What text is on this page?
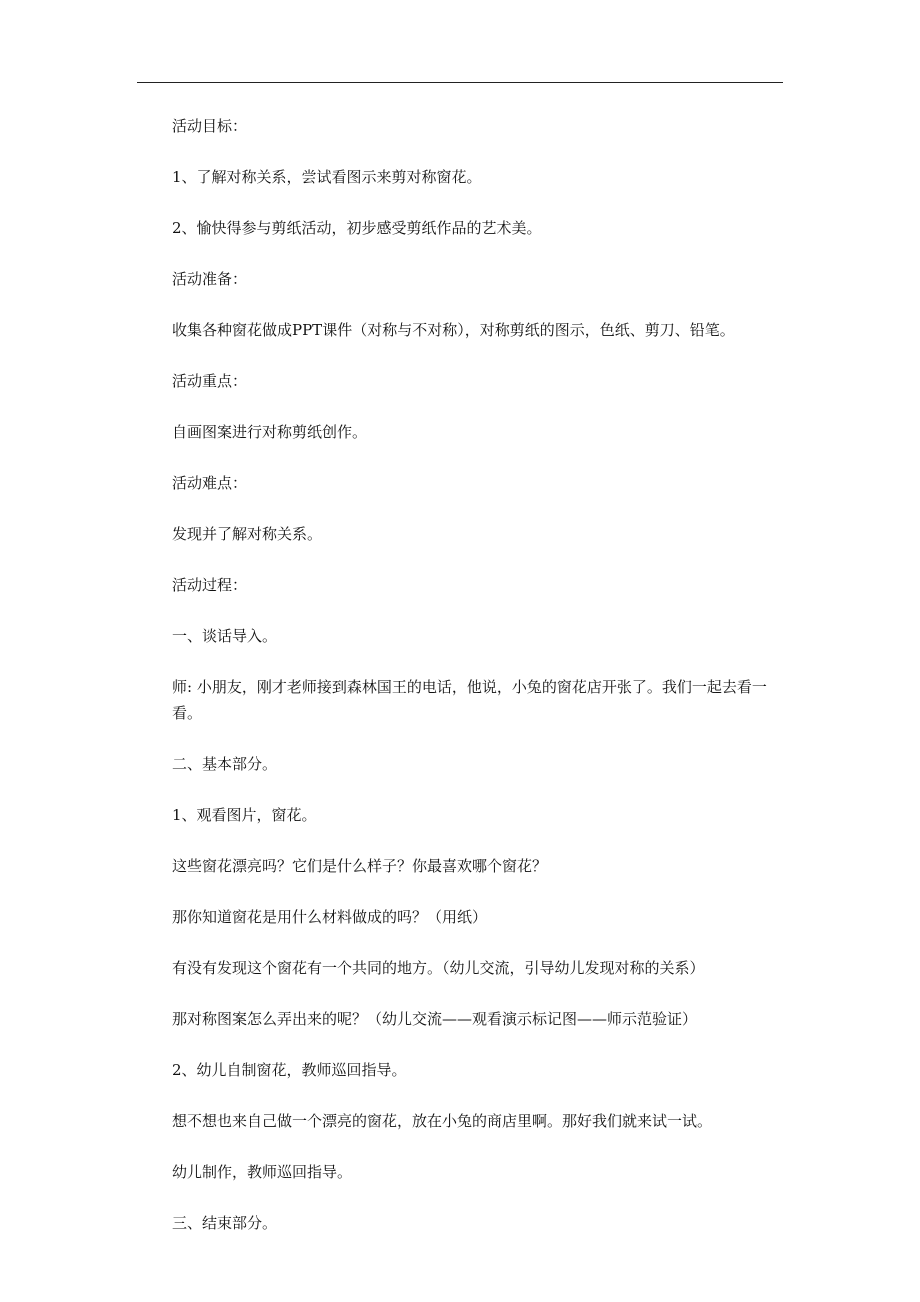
活动目标：

1、了解对称关系，尝试看图示来剪对称窗花。

2、愉快得参与剪纸活动，初步感受剪纸作品的艺术美。

活动准备：

收集各种窗花做成PPT课件（对称与不对称），对称剪纸的图示，色纸、剪刀、铅笔。

活动重点：

自画图案进行对称剪纸创作。

活动难点：

发现并了解对称关系。

活动过程：

一、谈话导入。

师: 小朋友，刚才老师接到森林国王的电话，他说，小兔的窗花店开张了。我们一起去看一看。

二、基本部分。

1、观看图片，窗花。

这些窗花漂亮吗？它们是什么样子？你最喜欢哪个窗花？

那你知道窗花是用什么材料做成的吗？（用纸）

有没有发现这个窗花有一个共同的地方。（幼儿交流，引导幼儿发现对称的关系）

那对称图案怎么弄出来的呢？（幼儿交流——观看演示标记图——师示范验证）

2、幼儿自制窗花，教师巡回指导。

想不想也来自己做一个漂亮的窗花，放在小兔的商店里啊。那好我们就来试一试。

幼儿制作，教师巡回指导。

三、结束部分。
